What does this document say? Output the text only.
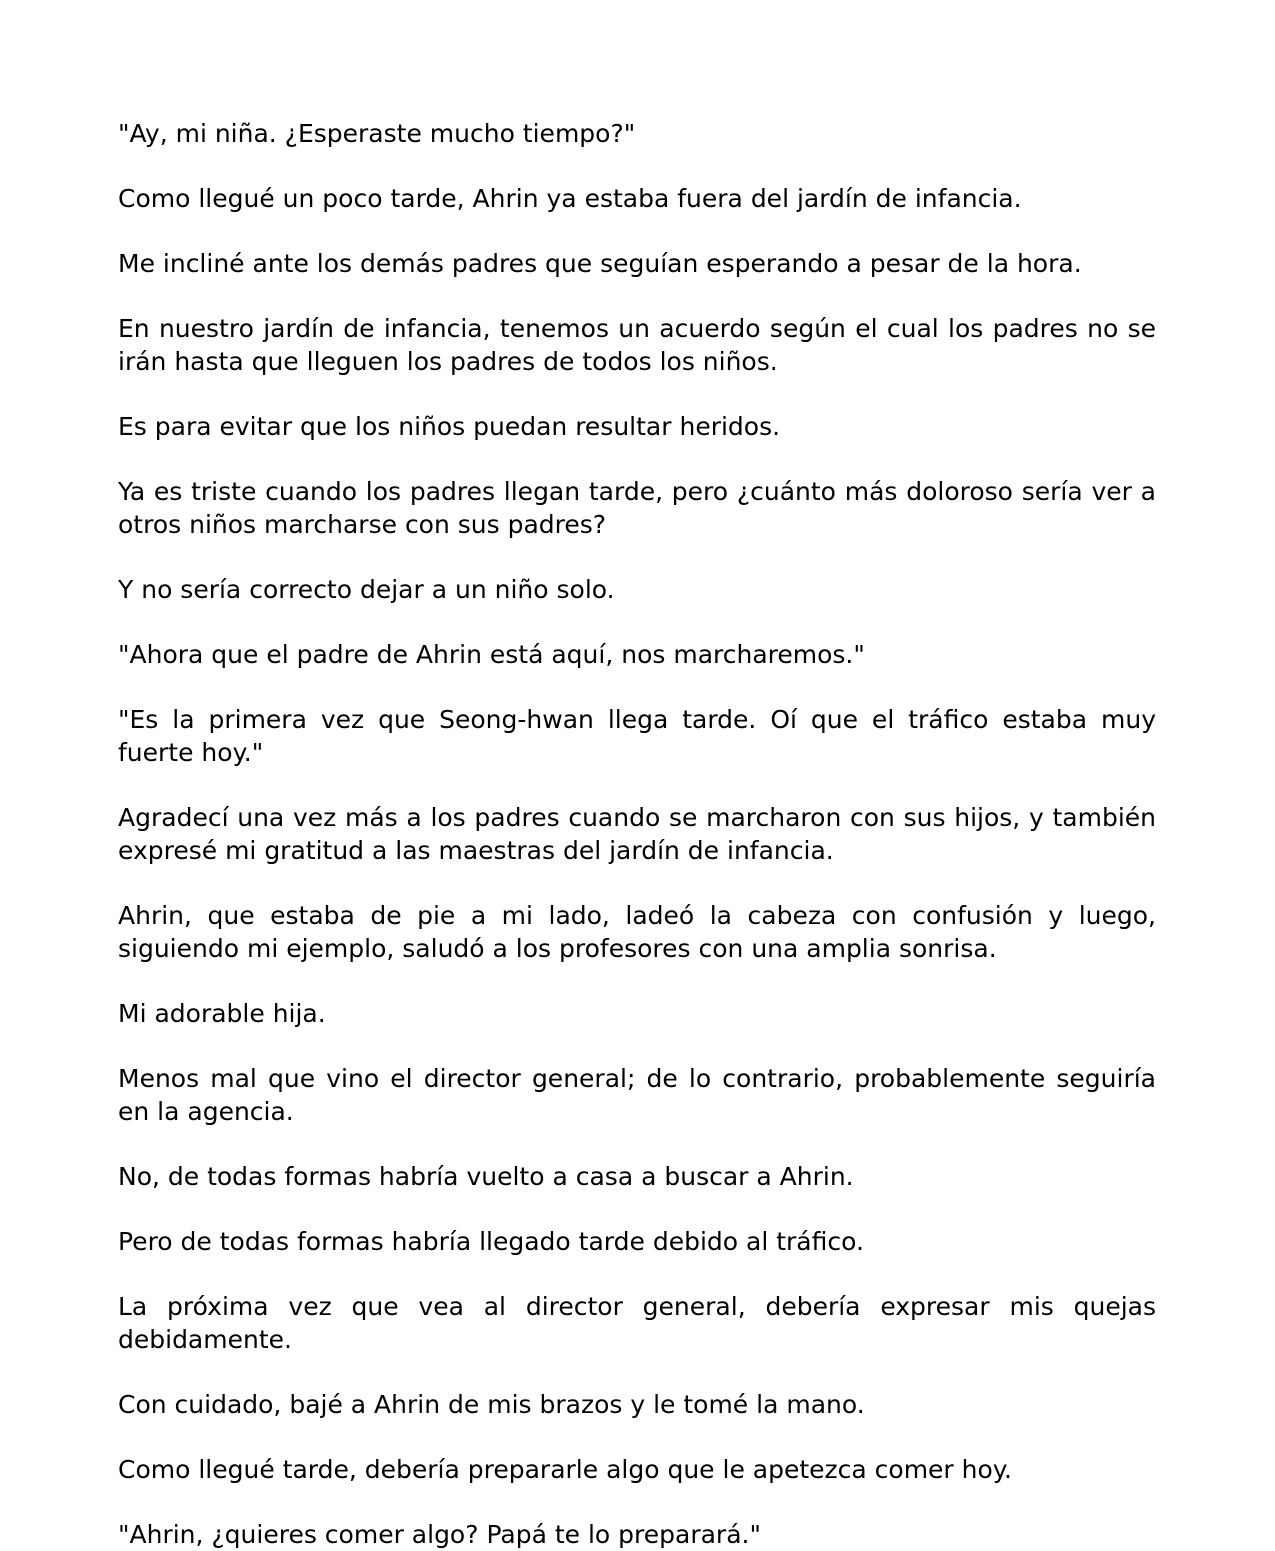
"Ay, mi niña. ¿Esperaste mucho tiempo?"

Como llegué un poco tarde, Ahrin ya estaba fuera del jardín de infancia.

Me incliné ante los demás padres que seguían esperando a pesar de la hora.

En nuestro jardín de infancia, tenemos un acuerdo según el cual los padres no se irán hasta que lleguen los padres de todos los niños.

Es para evitar que los niños puedan resultar heridos.

Ya es triste cuando los padres llegan tarde, pero ¿cuánto más doloroso sería ver a otros niños marcharse con sus padres?

Y no sería correcto dejar a un niño solo.

"Ahora que el padre de Ahrin está aquí, nos marcharemos."

"Es la primera vez que Seong-hwan llega tarde. Oí que el tráfico estaba muy fuerte hoy."

Agradecí una vez más a los padres cuando se marcharon con sus hijos, y también expresé mi gratitud a las maestras del jardín de infancia.

Ahrin, que estaba de pie a mi lado, ladeó la cabeza con confusión y luego, siguiendo mi ejemplo, saludó a los profesores con una amplia sonrisa.

Mi adorable hija.

Menos mal que vino el director general; de lo contrario, probablemente seguiría en la agencia.

No, de todas formas habría vuelto a casa a buscar a Ahrin.

Pero de todas formas habría llegado tarde debido al tráfico.

La próxima vez que vea al director general, debería expresar mis quejas debidamente.

Con cuidado, bajé a Ahrin de mis brazos y le tomé la mano.

Como llegué tarde, debería prepararle algo que le apetezca comer hoy.

"Ahrin, ¿quieres comer algo? Papá te lo preparará."
